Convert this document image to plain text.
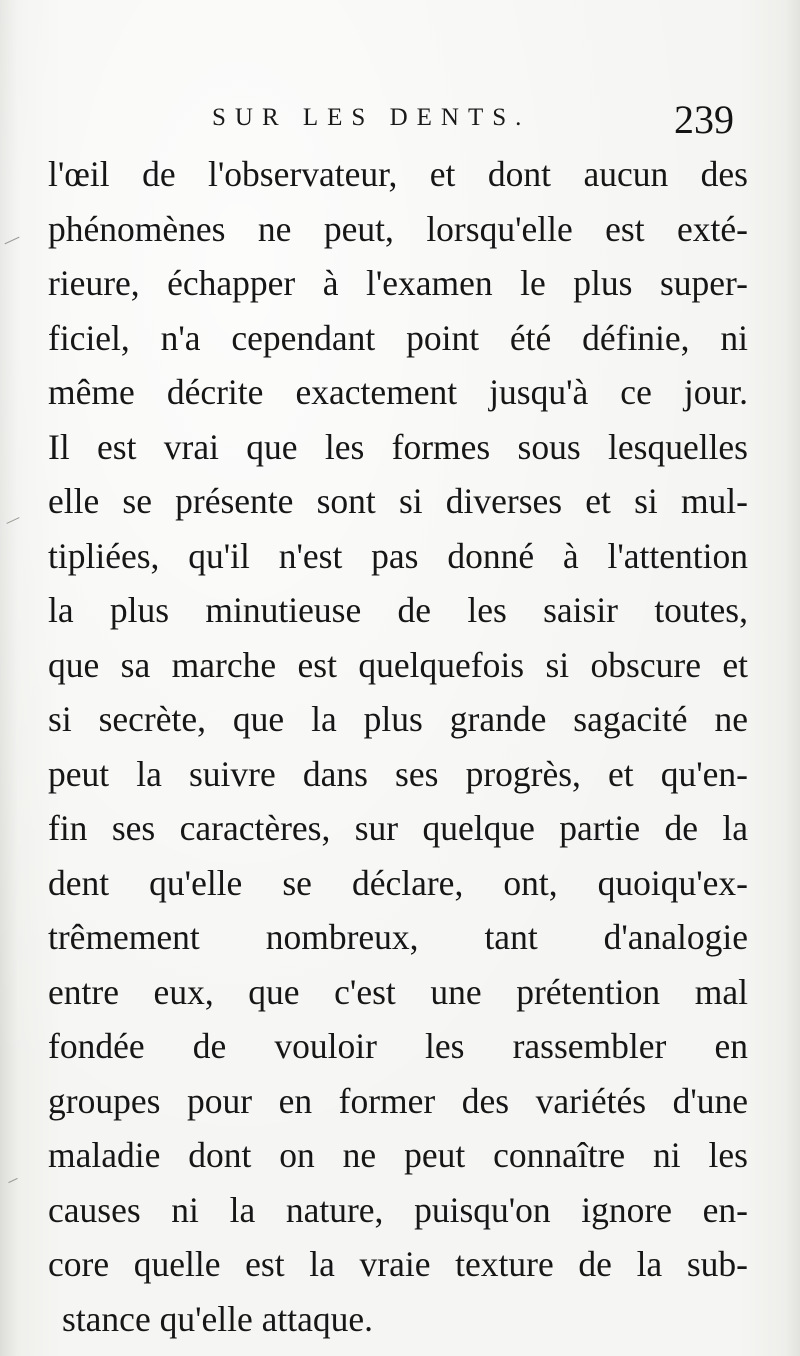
SUR LES DENTS.	239
l'œil de l'observateur, et dont aucun des
phénomènes ne peut, lorsqu'elle est exté-
rieure, échapper à l'examen le plus super-
ficiel, n'a cependant point été définie, ni
même décrite exactement jusqu'à ce jour.
Il est vrai que les formes sous lesquelles
elle se présente sont si diverses et si mul-
tipliées, qu'il n'est pas donné à l'attention
la plus minutieuse de les saisir toutes,
que sa marche est quelquefois si obscure et
si secrète, que la plus grande sagacité ne
peut la suivre dans ses progrès, et qu'en-
fin ses caractères, sur quelque partie de la
dent qu'elle se déclare, ont, quoiqu'ex-
trêmement nombreux, tant d'analogie
entre eux, que c'est une prétention mal
fondée de vouloir les rassembler en
groupes pour en former des variétés d'une
maladie dont on ne peut connaître ni les
causes ni la nature, puisqu'on ignore en-
core quelle est la vraie texture de la sub-
stance qu'elle attaque.
